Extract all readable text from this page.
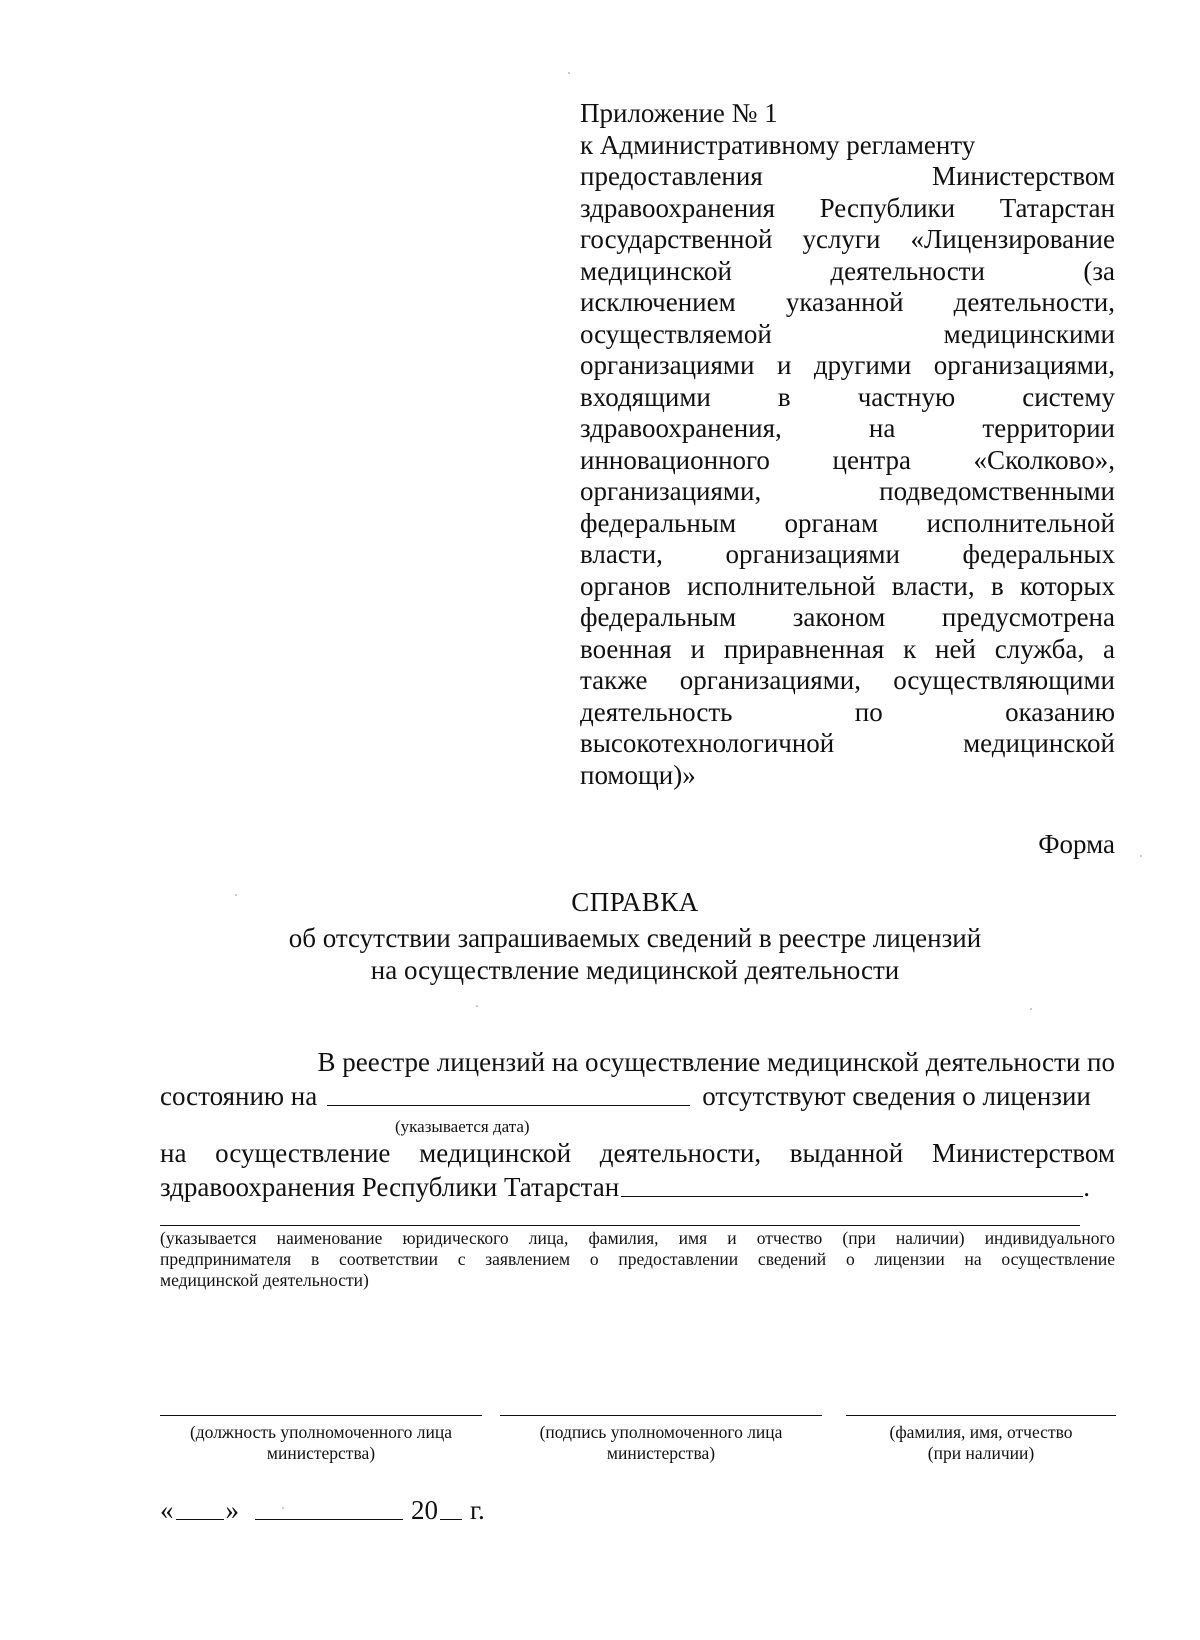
Приложение № 1
к Административному регламенту
предоставления Министерством
здравоохранения Республики Татарстан
государственной услуги «Лицензирование
медицинской деятельности (за
исключением указанной деятельности,
осуществляемой медицинскими
организациями и другими организациями,
входящими в частную систему
здравоохранения, на территории
инновационного центра «Сколково»,
организациями, подведомственными
федеральным органам исполнительной
власти, организациями федеральных
органов исполнительной власти, в которых
федеральным законом предусмотрена
военная и приравненная к ней служба, а
также организациями, осуществляющими
деятельность по оказанию
высокотехнологичной медицинской
помощи)»
Форма
СПРАВКА
об отсутствии запрашиваемых сведений в реестре лицензий
на осуществление медицинской деятельности
В реестре лицензий на осуществление медицинской деятельности по
состоянию на	отсутствуют сведения о лицензии
(указывается дата)
на осуществление медицинской деятельности, выданной Министерством
здравоохранения Республики Татарстан	.
(указывается наименование юридического лица, фамилия, имя и отчество (при наличии) индивидуального
предпринимателя в соответствии с заявлением о предоставлении сведений о лицензии на осуществление
медицинской деятельности)
(должность уполномоченного лица
министерства)
(подпись уполномоченного лица
министерства)
(фамилия, имя, отчество
(при наличии)
« »	20 г.
